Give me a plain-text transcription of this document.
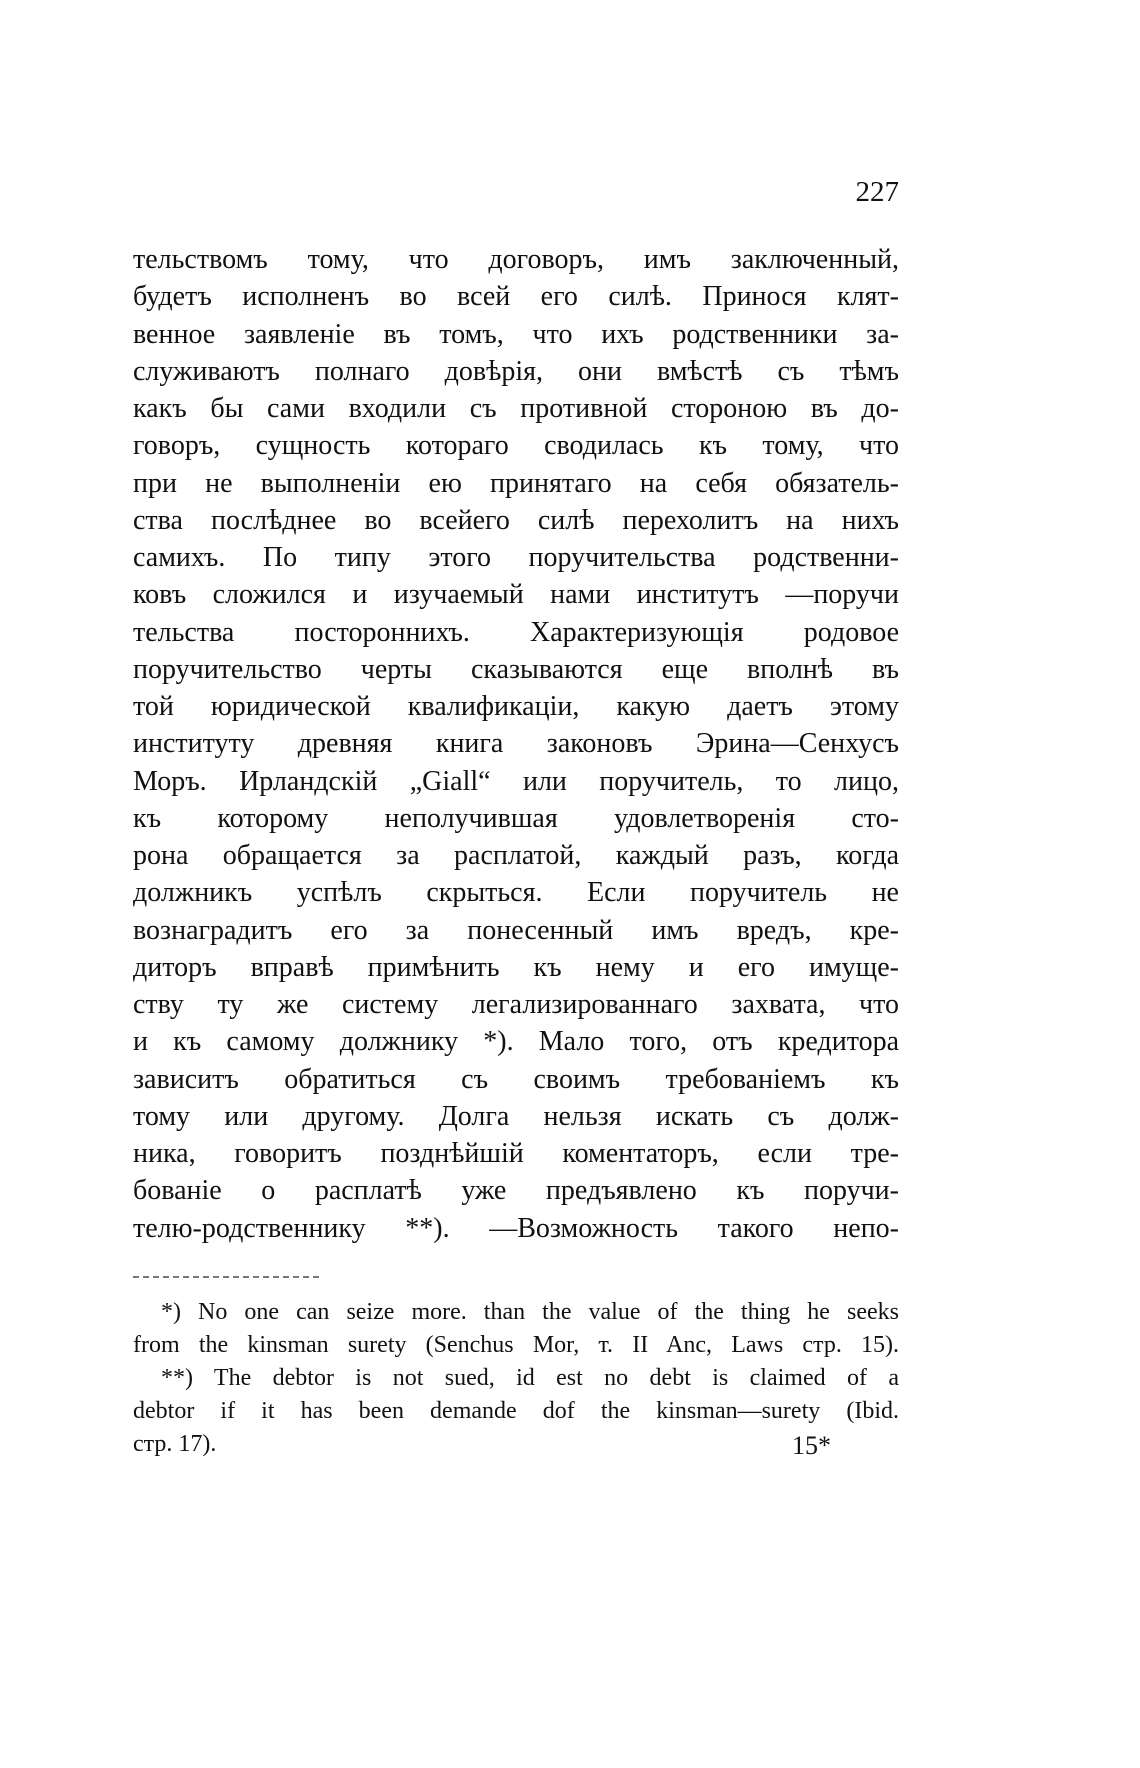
227
тельствомъ тому, что договоръ, имъ заключенный,
будетъ исполненъ во всей его силѣ. Принося клят-
венное заявленіе въ томъ, что ихъ родственники за-
служиваютъ полнаго довѣрія, они вмѣстѣ съ тѣмъ
какъ бы сами входили съ противной стороною въ до-
говоръ, сущность котораго сводилась къ тому, что
при не выполненіи ею принятаго на себя обязатель-
ства послѣднее во всейего силѣ перехолитъ на нихъ
самихъ. По типу этого поручительства родственни-
ковъ сложился и изучаемый нами институтъ —поручи
тельства постороннихъ. Характеризующія родовое
поручительство черты сказываются еще вполнѣ въ
той юридической квалификаціи, какую даетъ этому
институту древняя книга законовъ Эрина—Сенхусъ
Моръ. Ирландскій „Giall“ или поручитель, то лицо,
къ которому неполучившая удовлетворенія сто-
рона обращается за расплатой, каждый разъ, когда
должникъ успѣлъ скрыться. Если поручитель не
вознаградитъ его за понесенный имъ вредъ, кре-
диторъ вправѣ примѣнить къ нему и его имуще-
ству ту же систему легализированнаго захвата, что
и къ самому должнику *). Мало того, отъ кредитора
зависитъ обратиться съ своимъ требованіемъ къ
тому или другому. Долга нельзя искать съ долж-
ника, говоритъ позднѣйшій коментаторъ, если тре-
бованіе о расплатѣ уже предъявлено къ поручи-
телю-родственнику **). —Возможность такого непо-
*) No one can seize more. than the value of the thing he seeks
from the kinsman surety (Senchus Mor, т. II Anc, Laws стр. 15).
**) The debtor is not sued, id est no debt is claimed of a
debtor if it has been demande dof the kinsman—surety (Ibid.
стр. 17).	15*
